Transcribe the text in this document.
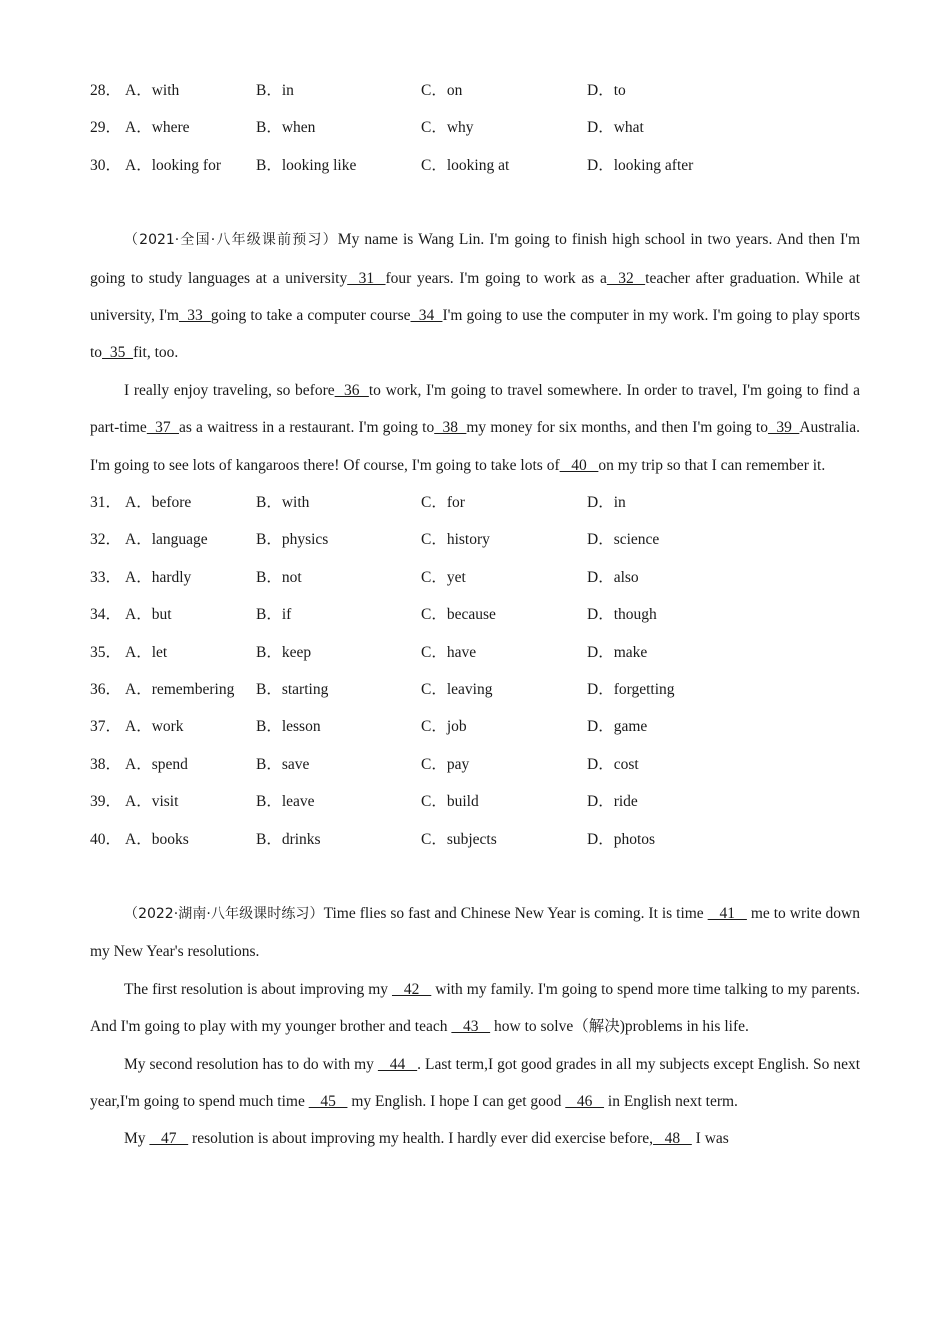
28． A．with	B．in	C．on	D．to
29． A．where	B．when	C．why	D．what
30． A．looking for B．looking like	C．looking at	D．looking after

（2021·全国·八年级课前预习）My name is Wang Lin. I'm going to finish high school in two years. And then I'm going to study languages at a university  31  four years. I'm going to work as a  32  teacher after graduation. While at university, I'm  33  going to take a computer course  34  I'm going to use the computer in my work. I'm going to play sports to  35  fit, too.

I really enjoy traveling, so before  36  to work, I'm going to travel somewhere. In order to travel, I'm going to find a part-time  37  as a waitress in a restaurant. I'm going to  38  my money for six months, and then I'm going to  39  Australia. I'm going to see lots of kangaroos there! Of course, I'm going to take lots of   40   on my trip so that I can remember it.

31． A．before	B．with	C．for	D．in
32． A．language	B．physics	C．history	D．science
33． A．hardly	B．not	C．yet	D．also
34． A．but	B．if	C．because	D．though
35． A．let	B．keep	C．have	D．make
36． A．remembering B．starting	C．leaving	D．forgetting
37． A．work	B．lesson	C．job	D．game
38． A．spend	B．save	C．pay	D．cost
39． A．visit	B．leave	C．build	D．ride
40． A．books	B．drinks	C．subjects	D．photos

（2022·湖南·八年级课时练习）Time flies so fast and Chinese New Year is coming. It is time    41    me to write down my New Year's resolutions.

The first resolution is about improving my    42    with my family. I'm going to spend more time talking to my parents. And I'm going to play with my younger brother and teach    43    how to solve（解决)problems in his life.

My second resolution has to do with my    44   . Last term,I got good grades in all my subjects except English. So next year,I'm going to spend much time    45    my English. I hope I can get good    46    in English next term.

My    47    resolution is about improving my health. I hardly ever did exercise before,   48    I was
